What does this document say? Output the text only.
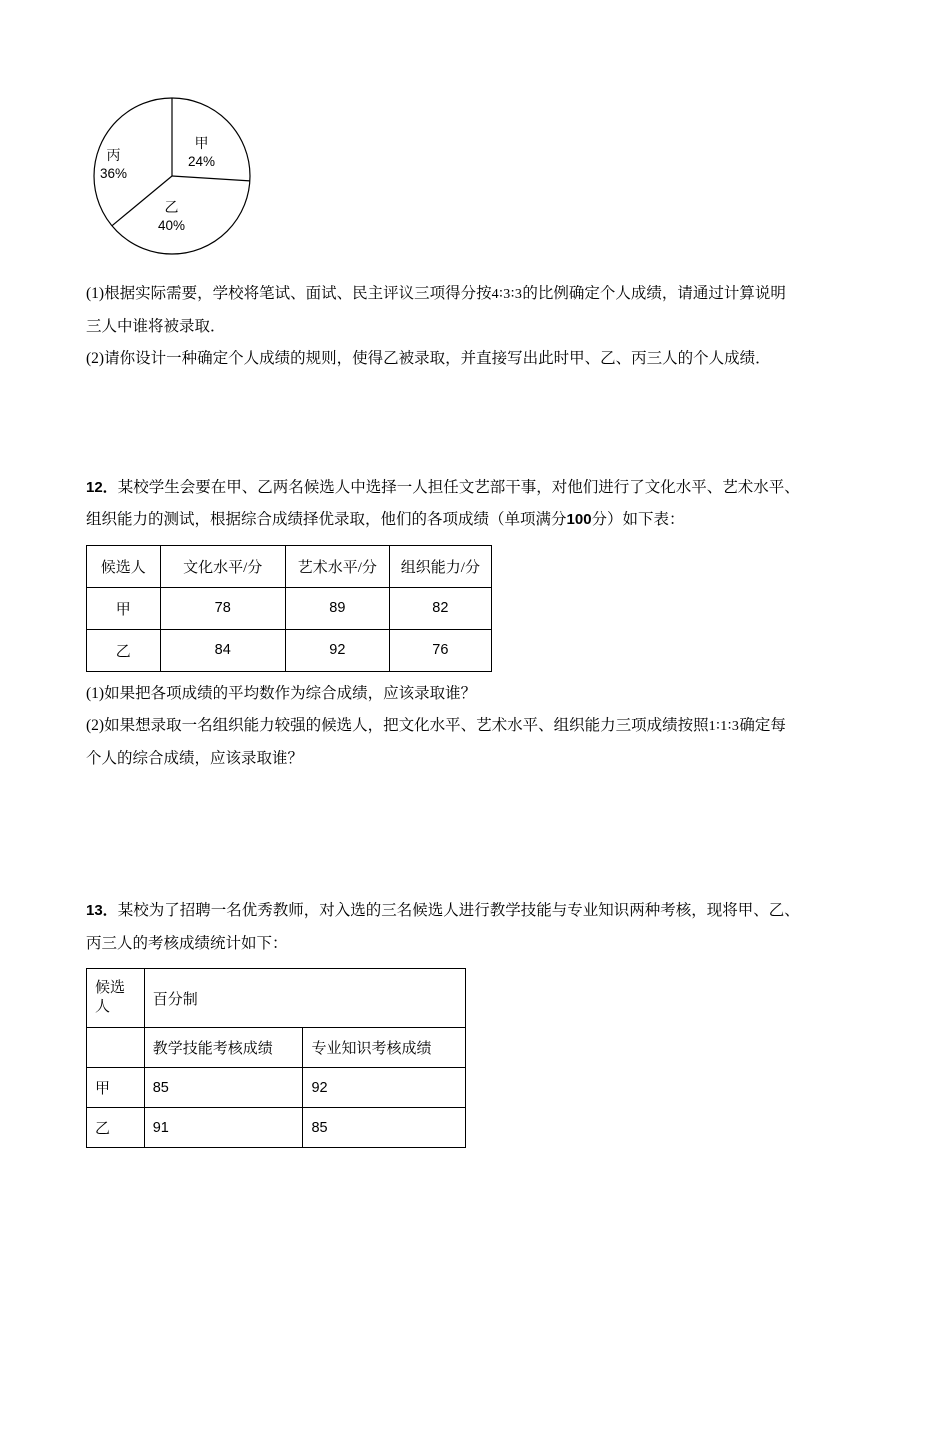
甲
24%
丙
36%
乙
40%

(1)根据实际需要，学校将笔试、面试、民主评议三项得分按4∶3∶3的比例确定个人成绩，请通过计算说明

三人中谁将被录取．

(2)请你设计一种确定个人成绩的规则，使得乙被录取，并直接写出此时甲、乙、丙三人的个人成绩．

12．某校学生会要在甲、乙两名候选人中选择一人担任文艺部干事，对他们进行了文化水平、艺术水平、

组织能力的测试，根据综合成绩择优录取，他们的各项成绩（单项满分100分）如下表：

候选人	文化水平/分	艺术水平/分	组织能力/分
甲	78	89	82
乙	84	92	76

(1)如果把各项成绩的平均数作为综合成绩，应该录取谁？

(2)如果想录取一名组织能力较强的候选人，把文化水平、艺术水平、组织能力三项成绩按照1∶1∶3确定每

个人的综合成绩，应该录取谁？

13．某校为了招聘一名优秀教师，对入选的三名候选人进行教学技能与专业知识两种考核，现将甲、乙、

丙三人的考核成绩统计如下：

候选
人	百分制	
	教学技能考核成绩	专业知识考核成绩
甲	85	92
乙	91	85
